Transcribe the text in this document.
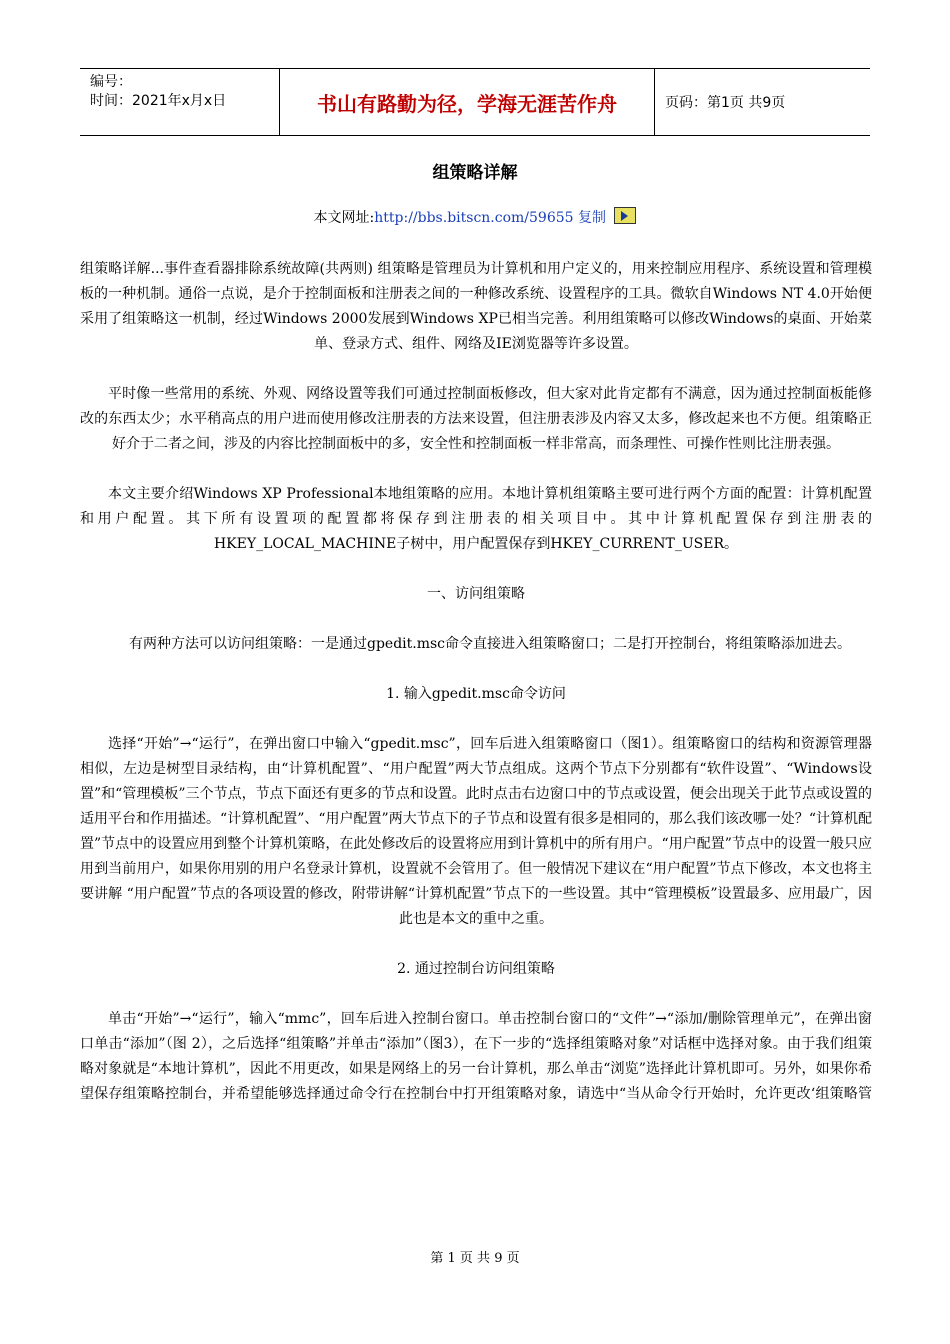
编号：
时间：2021年x月x日	书山有路勤为径，学海无涯苦作舟	页码：第1页 共9页
组策略详解
本文网址:http://bbs.bitscn.com/59655 复制

组策略详解...事件查看器排除系统故障(共两则) 组策略是管理员为计算机和用户定义的，用来控制应用程序、系统设置和管理模板的一种机制。通俗一点说，是介于控制面板和注册表之间的一种修改系统、设置程序的工具。微软自Windows NT 4.0开始便采用了组策略这一机制，经过Windows 2000发展到Windows XP已相当完善。利用组策略可以修改Windows的桌面、开始菜单、登录方式、组件、网络及IE浏览器等许多设置。

平时像一些常用的系统、外观、网络设置等我们可通过控制面板修改，但大家对此肯定都有不满意，因为通过控制面板能修改的东西太少；水平稍高点的用户进而使用修改注册表的方法来设置，但注册表涉及内容又太多，修改起来也不方便。组策略正好介于二者之间，涉及的内容比控制面板中的多，安全性和控制面板一样非常高，而条理性、可操作性则比注册表强。

本文主要介绍Windows XP Professional本地组策略的应用。本地计算机组策略主要可进行两个方面的配置：计算机配置和用户配置。其下所有设置项的配置都将保存到注册表的相关项目中。其中计算机配置保存到注册表的 HKEY_LOCAL_MACHINE子树中，用户配置保存到HKEY_CURRENT_USER。

一、访问组策略

有两种方法可以访问组策略：一是通过gpedit.msc命令直接进入组策略窗口；二是打开控制台，将组策略添加进去。

1. 输入gpedit.msc命令访问

选择“开始”→“运行”，在弹出窗口中输入“gpedit.msc”，回车后进入组策略窗口（图1）。组策略窗口的结构和资源管理器相似，左边是树型目录结构，由“计算机配置”、“用户配置”两大节点组成。这两个节点下分别都有“软件设置”、“Windows设置”和“管理模板”三个节点，节点下面还有更多的节点和设置。此时点击右边窗口中的节点或设置，便会出现关于此节点或设置的适用平台和作用描述。“计算机配置”、“用户配置”两大节点下的子节点和设置有很多是相同的，那么我们该改哪一处？“计算机配置”节点中的设置应用到整个计算机策略，在此处修改后的设置将应用到计算机中的所有用户。“用户配置”节点中的设置一般只应用到当前用户，如果你用别的用户名登录计算机，设置就不会管用了。但一般情况下建议在“用户配置”节点下修改，本文也将主要讲解 “用户配置”节点的各项设置的修改，附带讲解“计算机配置”节点下的一些设置。其中“管理模板”设置最多、应用最广，因此也是本文的重中之重。

2. 通过控制台访问组策略

单击“开始”→“运行”，输入“mmc”，回车后进入控制台窗口。单击控制台窗口的“文件”→“添加/删除管理单元”，在弹出窗口单击“添加”（图 2），之后选择“组策略”并单击“添加”（图3），在下一步的“选择组策略对象”对话框中选择对象。由于我们组策略对象就是“本地计算机”，因此不用更改，如果是网络上的另一台计算机，那么单击“浏览”选择此计算机即可。另外，如果你希望保存组策略控制台，并希望能够选择通过命令行在控制台中打开组策略对象，请选中“当从命令行开始时，允许更改‘组策略管

第 1 页 共 9 页
